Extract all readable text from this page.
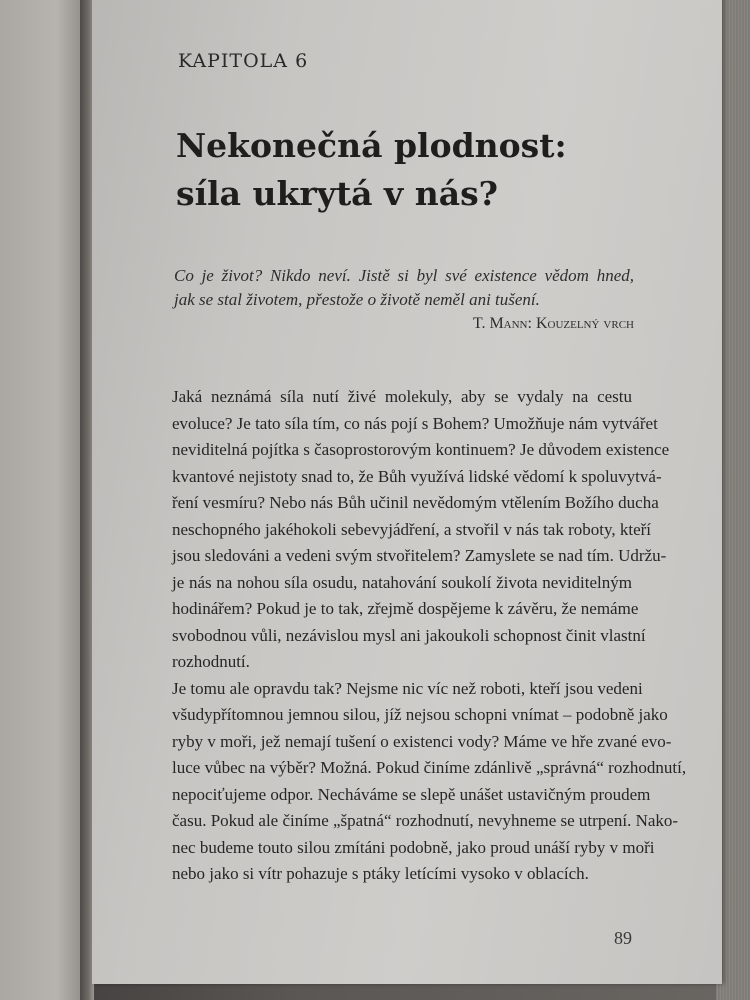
KAPITOLA 6
Nekonečná plodnost:
síla ukrytá v nás?
Co je život? Nikdo neví. Jistě si byl své existence vědom hned,
jak se stal životem, přestože o životě neměl ani tušení.
T. Mann: Kouzelný vrch
Jaká neznámá síla nutí živé molekuly, aby se vydaly na cestu
evoluce? Je tato síla tím, co nás pojí s Bohem? Umožňuje nám vytvářet
neviditelná pojítka s časoprostorovým kontinuem? Je důvodem existence
kvantové nejistoty snad to, že Bůh využívá lidské vědomí k spoluvytvá-
ření vesmíru? Nebo nás Bůh učinil nevědomým vtělením Božího ducha
neschopného jakéhokoli sebevyjádření, a stvořil v nás tak roboty, kteří
jsou sledováni a vedeni svým stvořitelem? Zamyslete se nad tím. Udržu-
je nás na nohou síla osudu, natahování soukolí života neviditelným
hodinářem? Pokud je to tak, zřejmě dospějeme k závěru, že nemáme
svobodnou vůli, nezávislou mysl ani jakoukoli schopnost činit vlastní
rozhodnutí.
Je tomu ale opravdu tak? Nejsme nic víc než roboti, kteří jsou vedeni
všudypřítomnou jemnou silou, jíž nejsou schopni vnímat – podobně jako
ryby v moři, jež nemají tušení o existenci vody? Máme ve hře zvané evo-
luce vůbec na výběr? Možná. Pokud činíme zdánlivě „správná“ rozhodnutí,
nepociťujeme odpor. Necháváme se slepě unášet ustavičným proudem
času. Pokud ale činíme „špatná“ rozhodnutí, nevyhneme se utrpení. Nako-
nec budeme touto silou zmítáni podobně, jako proud unáší ryby v moři
nebo jako si vítr pohazuje s ptáky letícími vysoko v oblacích.
89
